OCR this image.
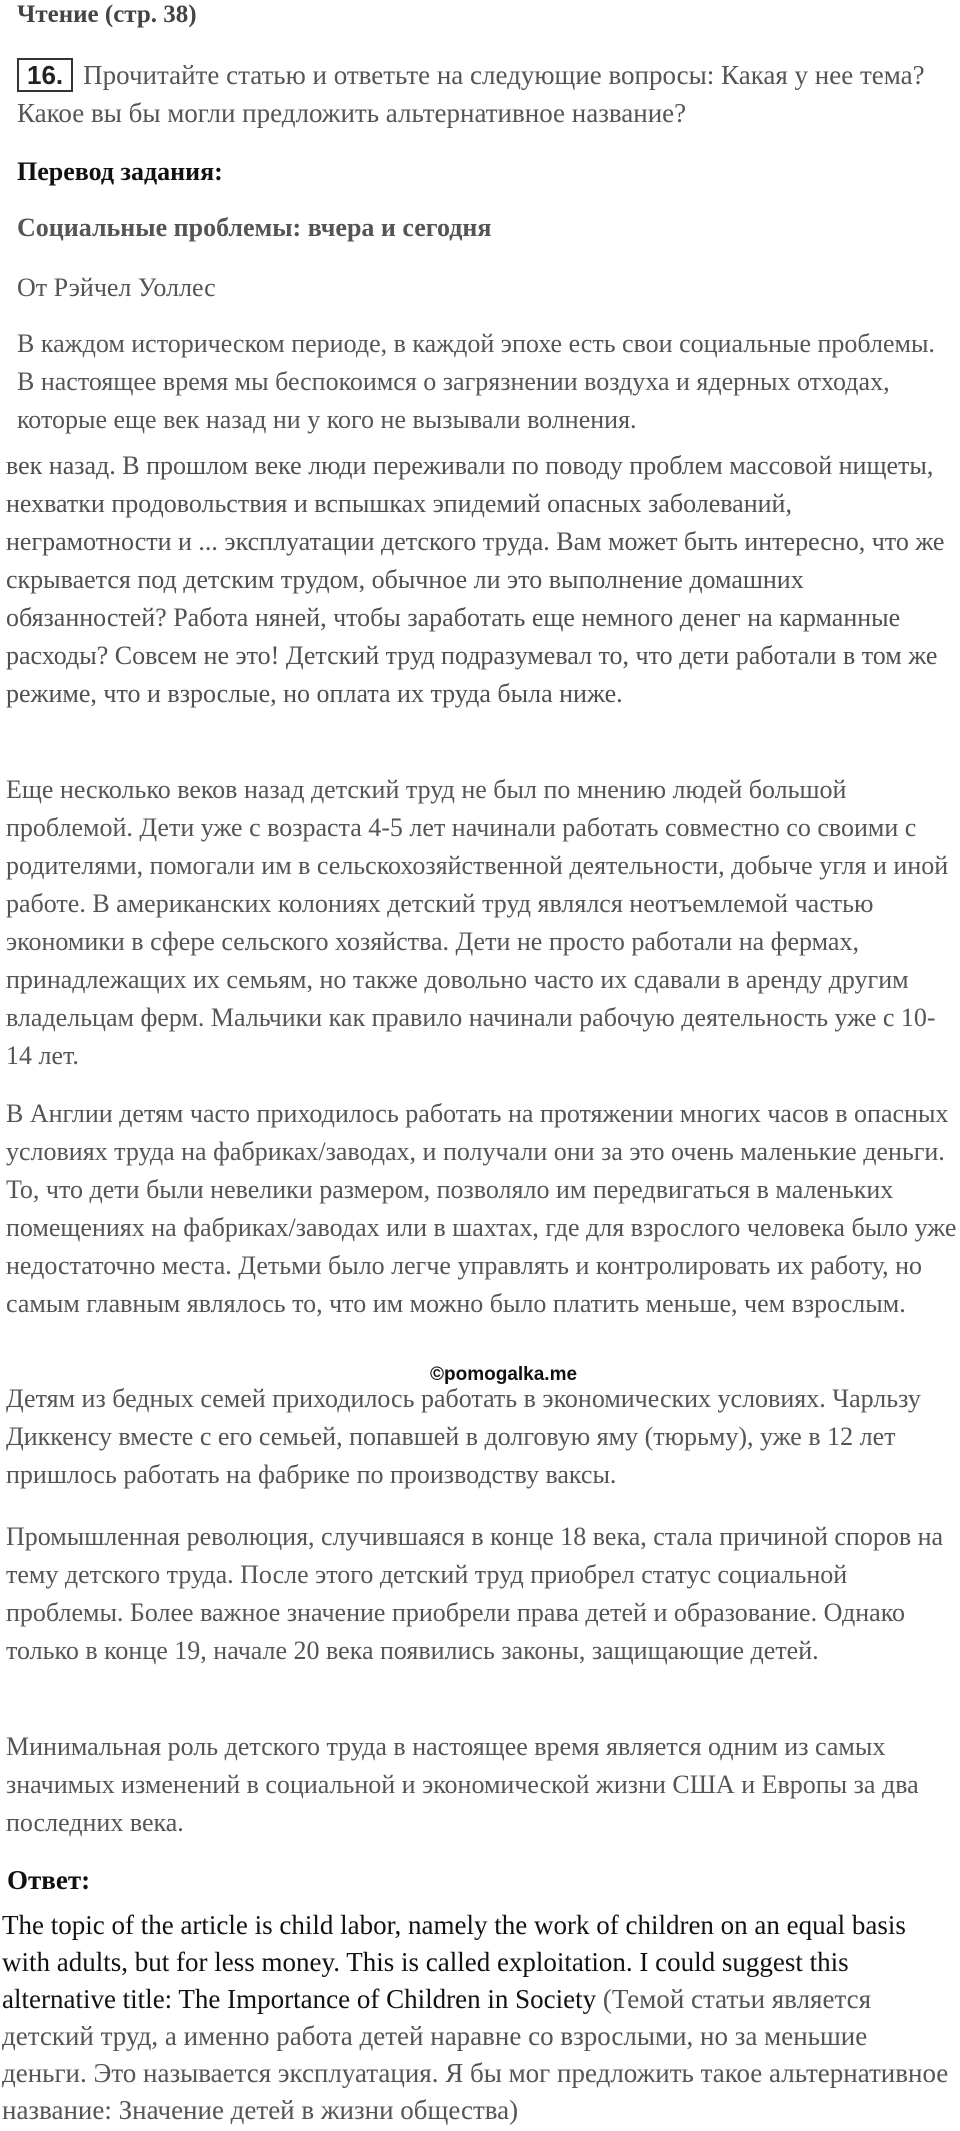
Чтение (стр. 38)
16. Прочитайте статью и ответьте на следующие вопросы: Какая у нее тема? Какое вы бы могли предложить альтернативное название?
Перевод задания:
Социальные проблемы: вчера и сегодня
От Рэйчел Уоллес

В каждом историческом периоде, в каждой эпохе есть свои социальные проблемы. В настоящее время мы беспокоимся о загрязнении воздуха и ядерных отходах, которые еще век назад ни у кого не вызывали волнения.

век назад. В прошлом веке люди переживали по поводу проблем массовой нищеты, нехватки продовольствия и вспышках эпидемий опасных заболеваний, неграмотности и ... эксплуатации детского труда. Вам может быть интересно, что же скрывается под детским трудом, обычное ли это выполнение домашних обязанностей? Работа няней, чтобы заработать еще немного денег на карманные расходы? Совсем не это! Детский труд подразумевал то, что дети работали в том же режиме, что и взрослые, но оплата их труда была ниже.

Еще несколько веков назад детский труд не был по мнению людей большой проблемой. Дети уже с возраста 4-5 лет начинали работать совместно со своими с родителями, помогали им в сельскохозяйственной деятельности, добыче угля и иной работе. В американских колониях детский труд являлся неотъемлемой частью экономики в сфере сельского хозяйства. Дети не просто работали на фермах, принадлежащих их семьям, но также довольно часто их сдавали в аренду другим владельцам ферм. Мальчики как правило начинали рабочую деятельность уже с 10-14 лет.

В Англии детям часто приходилось работать на протяжении многих часов в опасных условиях труда на фабриках/заводах, и получали они за это очень маленькие деньги. То, что дети были невелики размером, позволяло им передвигаться в маленьких помещениях на фабриках/заводах или в шахтах, где для взрослого человека было уже недостаточно места. Детьми было легче управлять и контролировать их работу, но самым главным являлось то, что им можно было платить меньше, чем взрослым.

©pomogalka.me

Детям из бедных семей приходилось работать в экономических условиях. Чарльзу Диккенсу вместе с его семьей, попавшей в долговую яму (тюрьму), уже в 12 лет пришлось работать на фабрике по производству ваксы.

Промышленная революция, случившаяся в конце 18 века, стала причиной споров на тему детского труда. После этого детский труд приобрел статус социальной проблемы. Более важное значение приобрели права детей и образование. Однако только в конце 19, начале 20 века появились законы, защищающие детей.

Минимальная роль детского труда в настоящее время является одним из самых значимых изменений в социальной и экономической жизни США и Европы за два последних века.

Ответ:

The topic of the article is child labor, namely the work of children on an equal basis with adults, but for less money. This is called exploitation. I could suggest this alternative title: The Importance of Children in Society (Темой статьи является детский труд, а именно работа детей наравне со взрослыми, но за меньшие деньги. Это называется эксплуатация. Я бы мог предложить такое альтернативное название: Значение детей в жизни общества)
